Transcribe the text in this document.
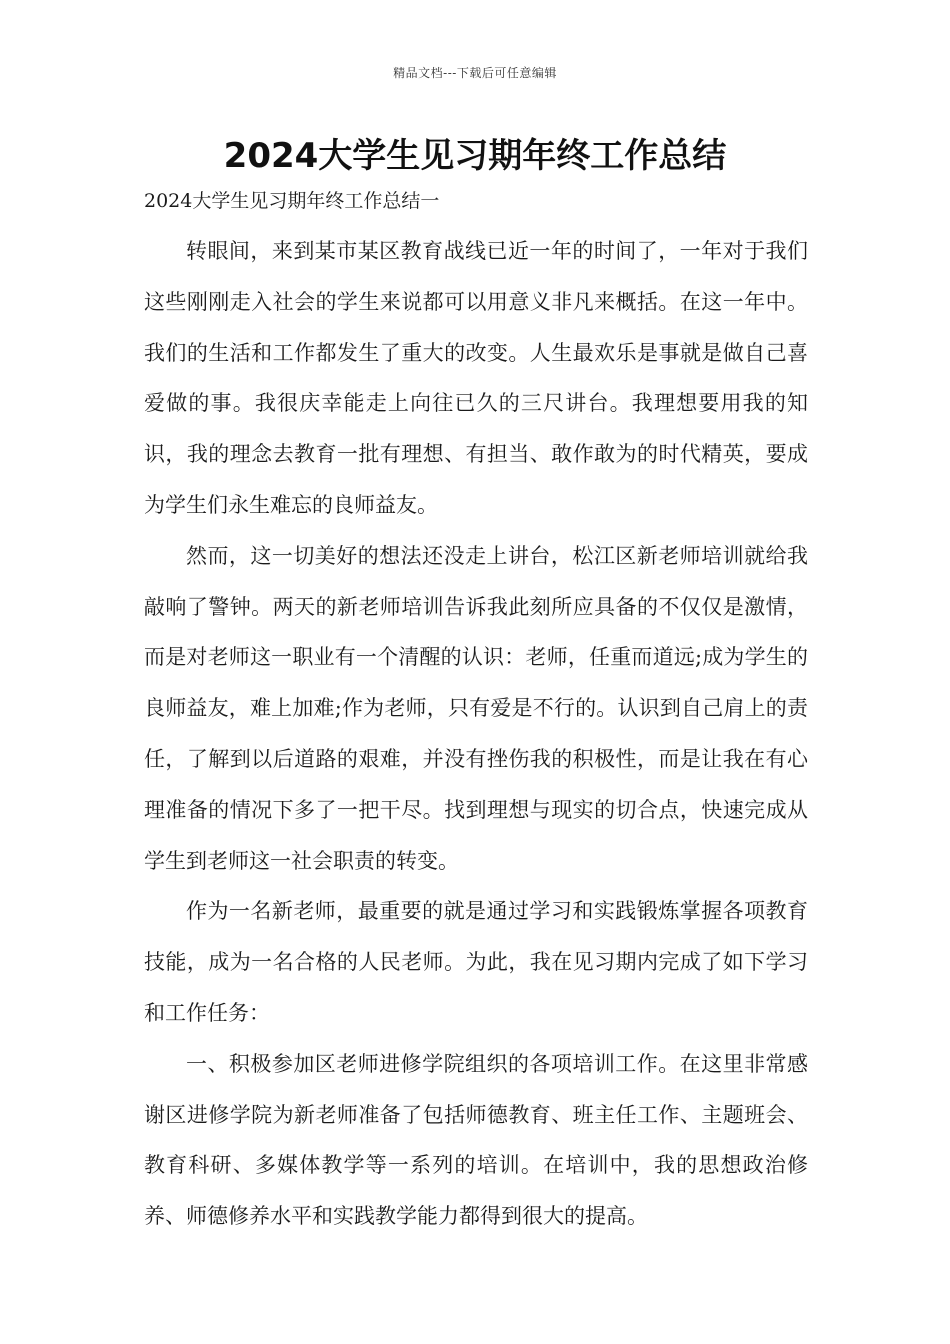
精品文档---下载后可任意编辑
2024大学生见习期年终工作总结
2024大学生见习期年终工作总结一

转眼间，来到某市某区教育战线已近一年的时间了，一年对于我们这些刚刚走入社会的学生来说都可以用意义非凡来概括。在这一年中。我们的生活和工作都发生了重大的改变。人生最欢乐是事就是做自己喜爱做的事。我很庆幸能走上向往已久的三尺讲台。我理想要用我的知识，我的理念去教育一批有理想、有担当、敢作敢为的时代精英，要成为学生们永生难忘的良师益友。

然而，这一切美好的想法还没走上讲台，松江区新老师培训就给我敲响了警钟。两天的新老师培训告诉我此刻所应具备的不仅仅是激情，而是对老师这一职业有一个清醒的认识：老师，任重而道远;成为学生的良师益友，难上加难;作为老师，只有爱是不行的。认识到自己肩上的责任，了解到以后道路的艰难，并没有挫伤我的积极性，而是让我在有心理准备的情况下多了一把干尽。找到理想与现实的切合点，快速完成从学生到老师这一社会职责的转变。

作为一名新老师，最重要的就是通过学习和实践锻炼掌握各项教育技能，成为一名合格的人民老师。为此，我在见习期内完成了如下学习和工作任务：

一、积极参加区老师进修学院组织的各项培训工作。在这里非常感谢区进修学院为新老师准备了包括师德教育、班主任工作、主题班会、教育科研、多媒体教学等一系列的培训。在培训中，我的思想政治修养、师德修养水平和实践教学能力都得到很大的提高。
